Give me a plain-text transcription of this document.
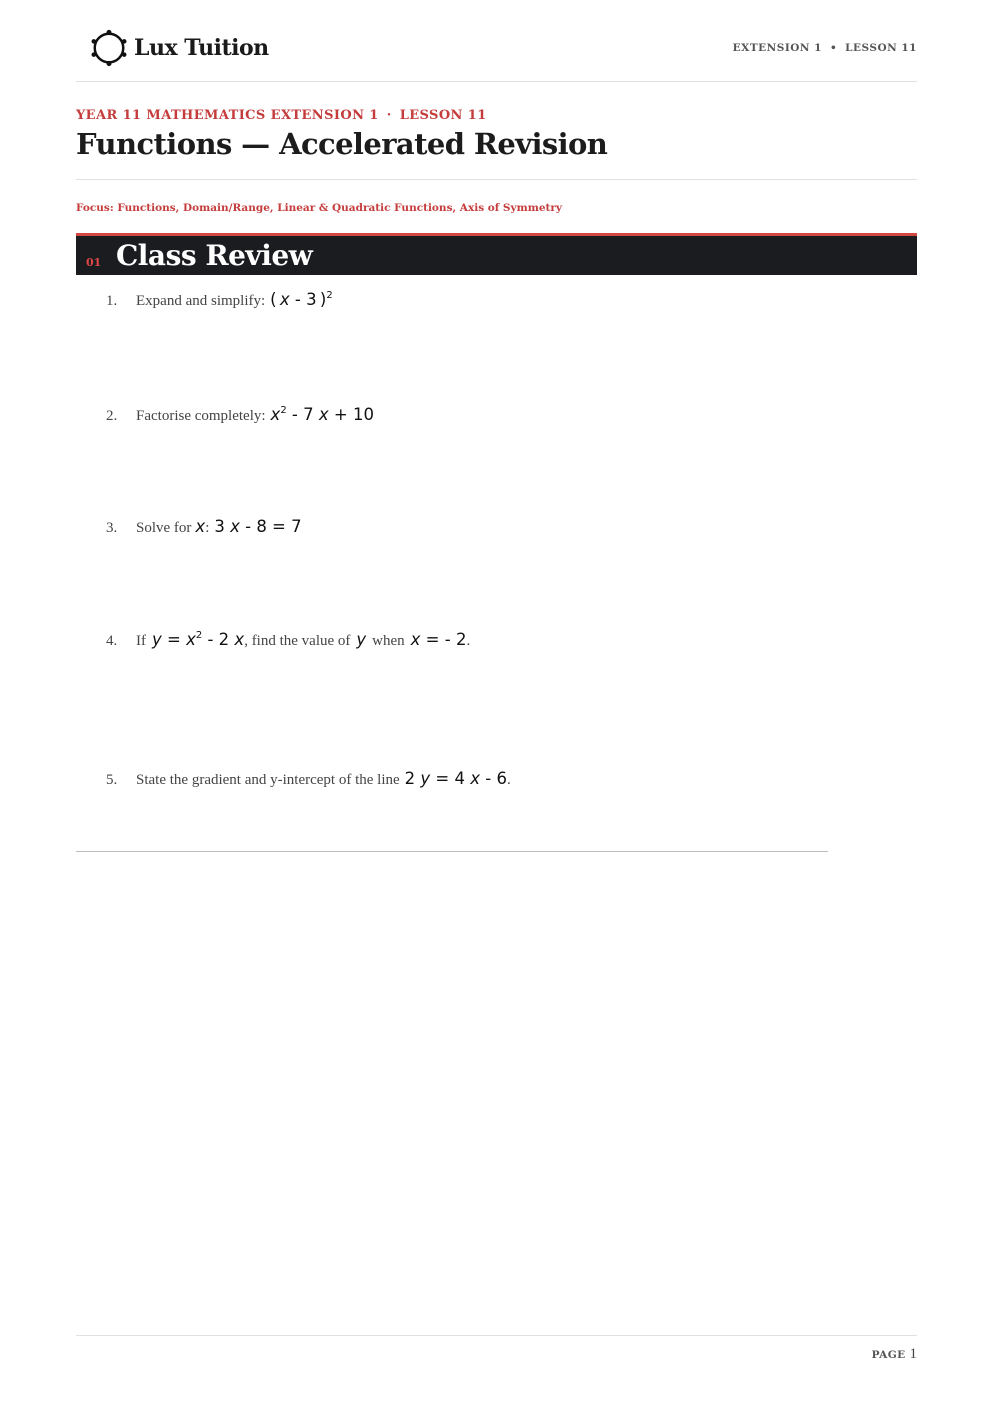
Lux Tuition	EXTENSION 1 • LESSON 11
YEAR 11 MATHEMATICS EXTENSION 1 · LESSON 11
Functions — Accelerated Revision
Focus: Functions, Domain/Range, Linear & Quadratic Functions, Axis of Symmetry
01 Class Review
1.	Expand and simplify: ( x - 3 )$^2$
2.	Factorise completely: $x^2 - 7$ x + 10
3.	Solve for x : 3 x - 8 = 7
4.	If $y = x^2 - 2$ x , find the value of y when x = - 2 .
5.	State the gradient and y-intercept of the line 2 y = 4 x - 6 .
PAGE 1
